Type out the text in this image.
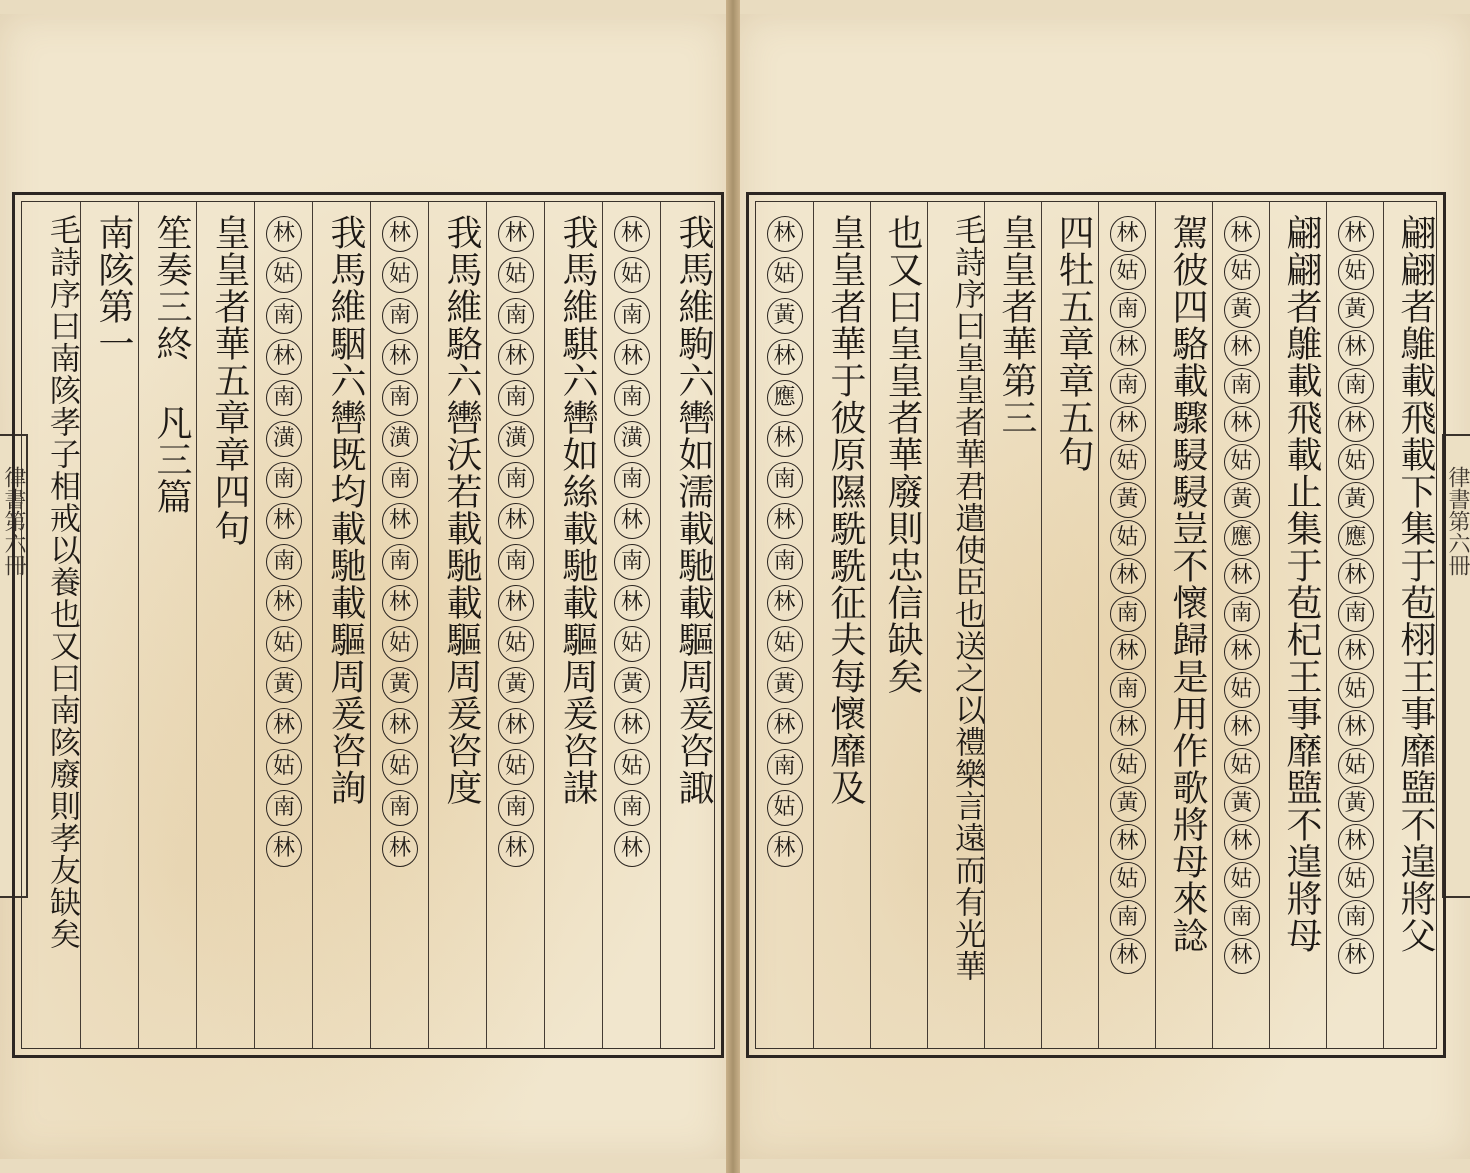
律書第六冊	律書第六冊
毛詩序曰南陔孝子相戒以養也又曰南陔廢則孝友缺矣 南陔第一 笙奏三終 凡三篇 皇皇者華五章章四句	林
姑
南
林
南
潢
南
林
南
林
姑
黃
林
姑
南
林
我馬維駰六轡既均載馳載驅周爰咨詢	林
姑
南
林
南
潢
南
林
南
林
姑
黃
林
姑
南
林
我馬維駱六轡沃若載馳載驅周爰咨度	林
姑
南
林
南
潢
南
林
南
林
姑
黃
林
姑
南
林
我馬維騏六轡如絲載馳載驅周爰咨謀	林
姑
南
林
南
潢
南
林
南
林
姑
黃
林
姑
南
林
我馬維駒六轡如濡載馳載驅周爰咨諏	林
姑
黃
林
應
林
南
林
南
林
姑
黃
林
南
姑
林
皇皇者華于彼原隰駪駪征夫每懷靡及 也又曰皇皇者華廢則忠信缺矣 毛詩序曰皇皇者華君遣使臣也送之以禮樂言遠而有光華 皇皇者華第三 四牡五章章五句	林
姑
南
林
南
林
姑
黃
姑
林
南
林
南
林
姑
黃
林
姑
南
林
駕彼四駱載驟駸駸豈不懷歸是用作歌將母來諗	林
姑
黃
林
南
林
姑
黃
應
林
南
林
姑
林
姑
黃
林
姑
南
林
翩翩者鵻載飛載止集于苞杞王事靡盬不遑將母	林
姑
黃
林
南
林
姑
黃
應
林
南
林
姑
林
姑
黃
林
姑
南
林
翩翩者鵻載飛載下集于苞栩王事靡盬不遑將父
